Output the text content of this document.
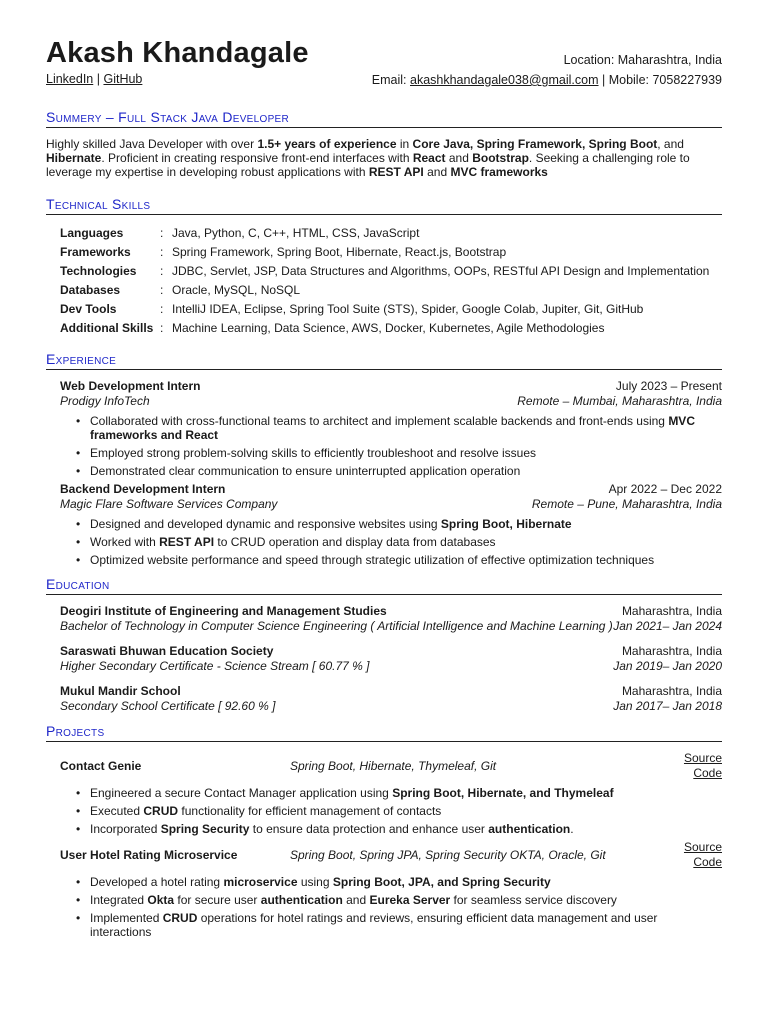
Akash Khandagale
LinkedIn | GitHub
Location: Maharashtra, India
Email: akashkhandagale038@gmail.com | Mobile: 7058227939
Summery – Full Stack Java Developer
Highly skilled Java Developer with over 1.5+ years of experience in Core Java, Spring Framework, Spring Boot, and Hibernate. Proficient in creating responsive front-end interfaces with React and Bootstrap. Seeking a challenging role to leverage my expertise in developing robust applications with REST API and MVC frameworks
Technical Skills
Languages	: Java, Python, C, C++, HTML, CSS, JavaScript
Frameworks	: Spring Framework, Spring Boot, Hibernate, React.js, Bootstrap
Technologies	: JDBC, Servlet, JSP, Data Structures and Algorithms, OOPs, RESTful API Design and Implementation
Databases	: Oracle, MySQL, NoSQL
Dev Tools	: IntelliJ IDEA, Eclipse, Spring Tool Suite (STS), Spider, Google Colab, Jupiter, Git, GitHub
Additional Skills : Machine Learning, Data Science, AWS, Docker, Kubernetes, Agile Methodologies
Experience
Web Development Intern	July 2023 – Present
Prodigy InfoTech	Remote – Mumbai, Maharashtra, India
• Collaborated with cross-functional teams to architect and implement scalable backends and front-ends using MVC frameworks and React
• Employed strong problem-solving skills to efficiently troubleshoot and resolve issues
• Demonstrated clear communication to ensure uninterrupted application operation
Backend Development Intern	Apr 2022 – Dec 2022
Magic Flare Software Services Company	Remote – Pune, Maharashtra, India
• Designed and developed dynamic and responsive websites using Spring Boot, Hibernate
• Worked with REST API to CRUD operation and display data from databases
• Optimized website performance and speed through strategic utilization of effective optimization techniques
Education
Deogiri Institute of Engineering and Management Studies	Maharashtra, India
Bachelor of Technology in Computer Science Engineering ( Artificial Intelligence and Machine Learning ) Jan 2021– Jan 2024
Saraswati Bhuwan Education Society	Maharashtra, India
Higher Secondary Certificate - Science Stream [ 60.77 % ]	Jan 2019– Jan 2020
Mukul Mandir School	Maharashtra, India
Secondary School Certificate [ 92.60 % ]	Jan 2017– Jan 2018
Projects
Contact Genie	Spring Boot, Hibernate, Thymeleaf, Git
Source Code
• Engineered a secure Contact Manager application using Spring Boot, Hibernate, and Thymeleaf
• Executed CRUD functionality for efficient management of contacts
• Incorporated Spring Security to ensure data protection and enhance user authentication.
User Hotel Rating Microservice	Spring Boot, Spring JPA, Spring Security OKTA, Oracle, Git
Source Code
• Developed a hotel rating microservice using Spring Boot, JPA, and Spring Security
• Integrated Okta for secure user authentication and Eureka Server for seamless service discovery
• Implemented CRUD operations for hotel ratings and reviews, ensuring efficient data management and user interactions
